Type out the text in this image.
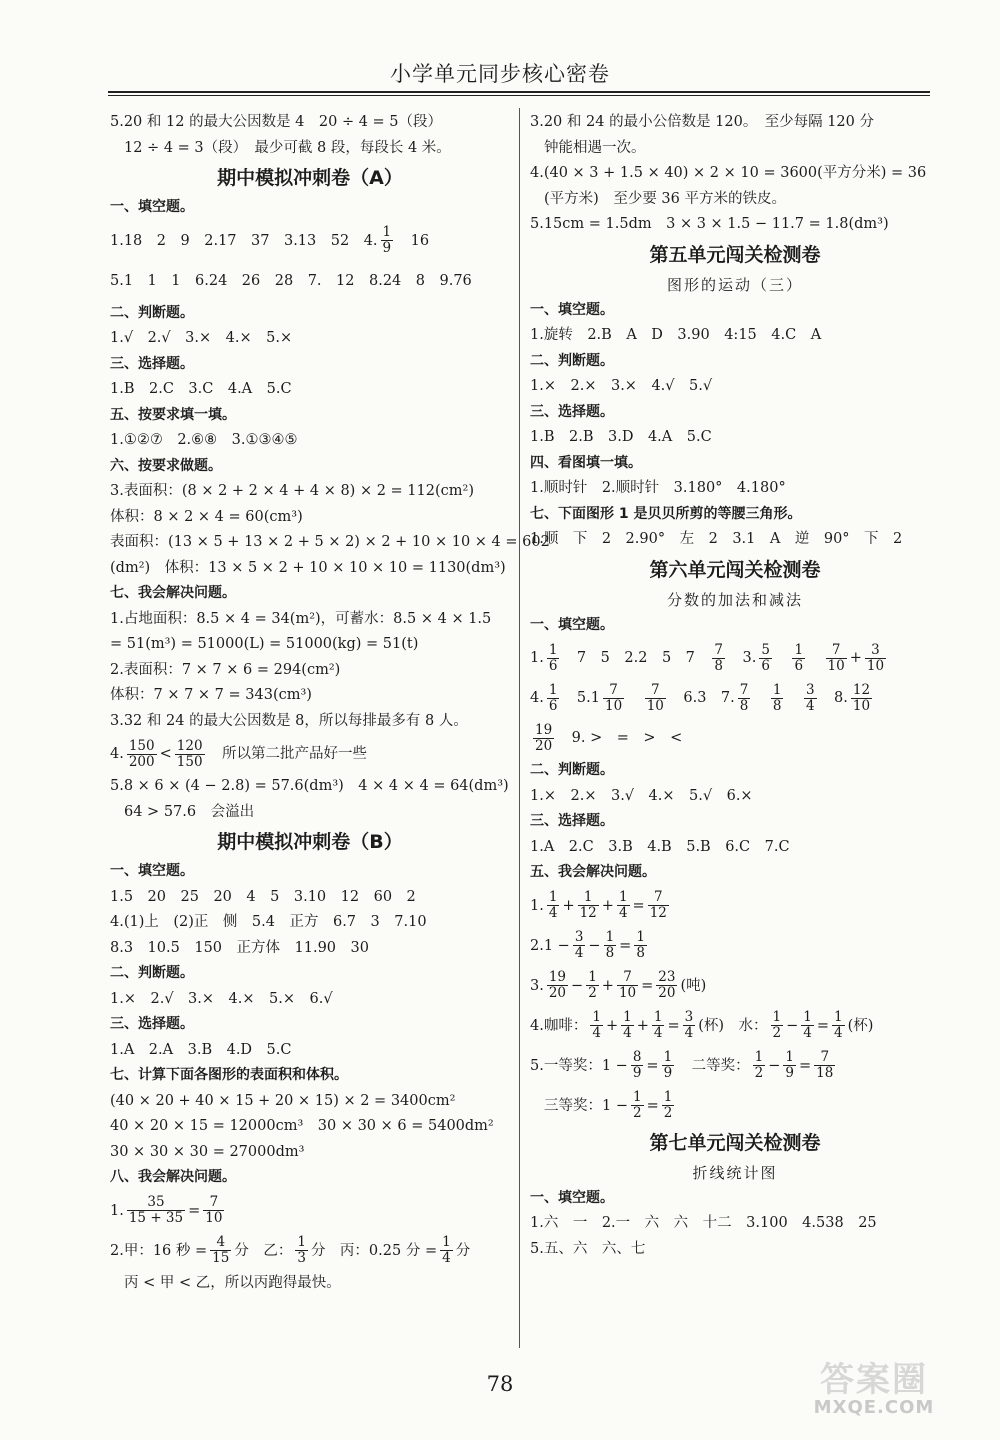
小学单元同步核心密卷
5.20 和 12 的最大公因数是 4　20 ÷ 4 = 5（段）
12 ÷ 4 = 3（段）　最少可截 8 段，每段长 4 米。
期中模拟冲刺卷（A）
一、填空题。
1.18　2　9　2.17　37　3.13　52　4. $\frac{1}{9}$ 　16
5.1　1　1　6.24　26　28　7.　12　8.24　8　9.76
二、判断题。
1.√　2.√　3.×　4.×　5.×
三、选择题。
1.B　2.C　3.C　4.A　5.C
五、按要求填一填。
1.①②⑦　2.⑥⑧　3.①③④⑤
六、按要求做题。
3.表面积：(8 × 2 + 2 × 4 + 4 × 8) × 2 = 112(cm²)
体积：8 × 2 × 4 = 60(cm³)
表面积：(13 × 5 + 13 × 2 + 5 × 2) × 2 + 10 × 10 × 4 = 602
(dm²)　体积：13 × 5 × 2 + 10 × 10 × 10 = 1130(dm³)
七、我会解决问题。
1.占地面积：8.5 × 4 = 34(m²)，可蓄水：8.5 × 4 × 1.5
= 51(m³) = 51000(L) = 51000(kg) = 51(t)
2.表面积：7 × 7 × 6 = 294(cm²)
体积：7 × 7 × 7 = 343(cm³)
3.32 和 24 的最大公因数是 8，所以每排最多有 8 人。
4. $\frac{150}{200} < \frac{120}{150}$ 　所以第二批产品好一些
5.8 × 6 × (4 − 2.8) = 57.6(dm³)　4 × 4 × 4 = 64(dm³)
64 > 57.6　会溢出
期中模拟冲刺卷（B）
一、填空题。
1.5　20　25　20　4　5　3.10　12　60　2
4.(1)上　(2)正　侧　5.4　正方　6.7　3　7.10
8.3　10.5　150　正方体　11.90　30
二、判断题。
1.×　2.√　3.×　4.×　5.×　6.√
三、选择题。
1.A　2.A　3.B　4.D　5.C
七、计算下面各图形的表面积和体积。
(40 × 20 + 40 × 15 + 20 × 15) × 2 = 3400cm²
40 × 20 × 15 = 12000cm³　30 × 30 × 6 = 5400dm²
30 × 30 × 30 = 27000dm³
八、我会解决问题。
1. $\frac{35}{15 + 35} = \frac{7}{10}$
2.甲：16 秒 = $\frac{4}{15}$ 分　乙： $\frac{1}{3}$ 分　丙：0.25 分 = $\frac{1}{4}$ 分
丙 < 甲 < 乙，所以丙跑得最快。
3.20 和 24 的最小公倍数是 120。　至少每隔 120 分
钟能相遇一次。
4.(40 × 3 + 1.5 × 40) × 2 × 10 = 3600(平方分米) = 36
(平方米)　至少要 36 平方米的铁皮。
5.15cm = 1.5dm　3 × 3 × 1.5 − 11.7 = 1.8(dm³)
第五单元闯关检测卷
图形的运动（三）
一、填空题。
1.旋转　2.B　A　D　3.90　4:15　4.C　A
二、判断题。
1.×　2.×　3.×　4.√　5.√
三、选择题。
1.B　2.B　3.D　4.A　5.C
四、看图填一填。
1.顺时针　2.顺时针　3.180°　4.180°
七、下面图形 1 是贝贝所剪的等腰三角形。
1.顺　下　2　2.90°　左　2　3.1　A　逆　90°　下　2
第六单元闯关检测卷
分数的加法和减法
一、填空题。
1. $\frac{1}{6}$ 　7　5　2.2　5　7　 $\frac{7}{8}$ 　3. $\frac{5}{6}$
　 $\frac{1}{6}$
　 $\frac{7}{10} + \frac{3}{10}$
4. $\frac{1}{6}$ 　$5.1 \frac{7}{10}$
　 $\frac{7}{10}$ 　6.3　7. $\frac{7}{8}$
　 $\frac{1}{8}$
　 $\frac{3}{4}$ 　8. $\frac{12}{10}$
$\frac{19}{20}$ 　9. >　=　>　<
二、判断题。
1.×　2.×　3.√　4.×　5.√　6.×
三、选择题。
1.A　2.C　3.B　4.B　5.B　6.C　7.C
五、我会解决问题。
1. $\frac{1}{4} + \frac{1}{12} + \frac{1}{4} = \frac{7}{12}$
$2.1 - \frac{3}{4} - \frac{1}{8} = \frac{1}{8}$
3. $\frac{19}{20} - \frac{1}{2} + \frac{7}{10} = \frac{23}{20}$ (吨)
4.咖啡： $\frac{1}{4} + \frac{1}{4} + \frac{1}{4} = \frac{3}{4}$ (杯)　水： $\frac{1}{2} - \frac{1}{4} = \frac{1}{4}$ (杯)
5.一等奖：$1 - \frac{8}{9} = \frac{1}{9}$ 　二等奖： $\frac{1}{2} - \frac{1}{9} = \frac{7}{18}$
三等奖：$1 - \frac{1}{2} = \frac{1}{2}$
第七单元闯关检测卷
折线统计图
一、填空题。
1.六　一　2.一　六　六　十二　3.100　4.538　25
5.五、六　六、七
78	答案圈
MXQE.COM
